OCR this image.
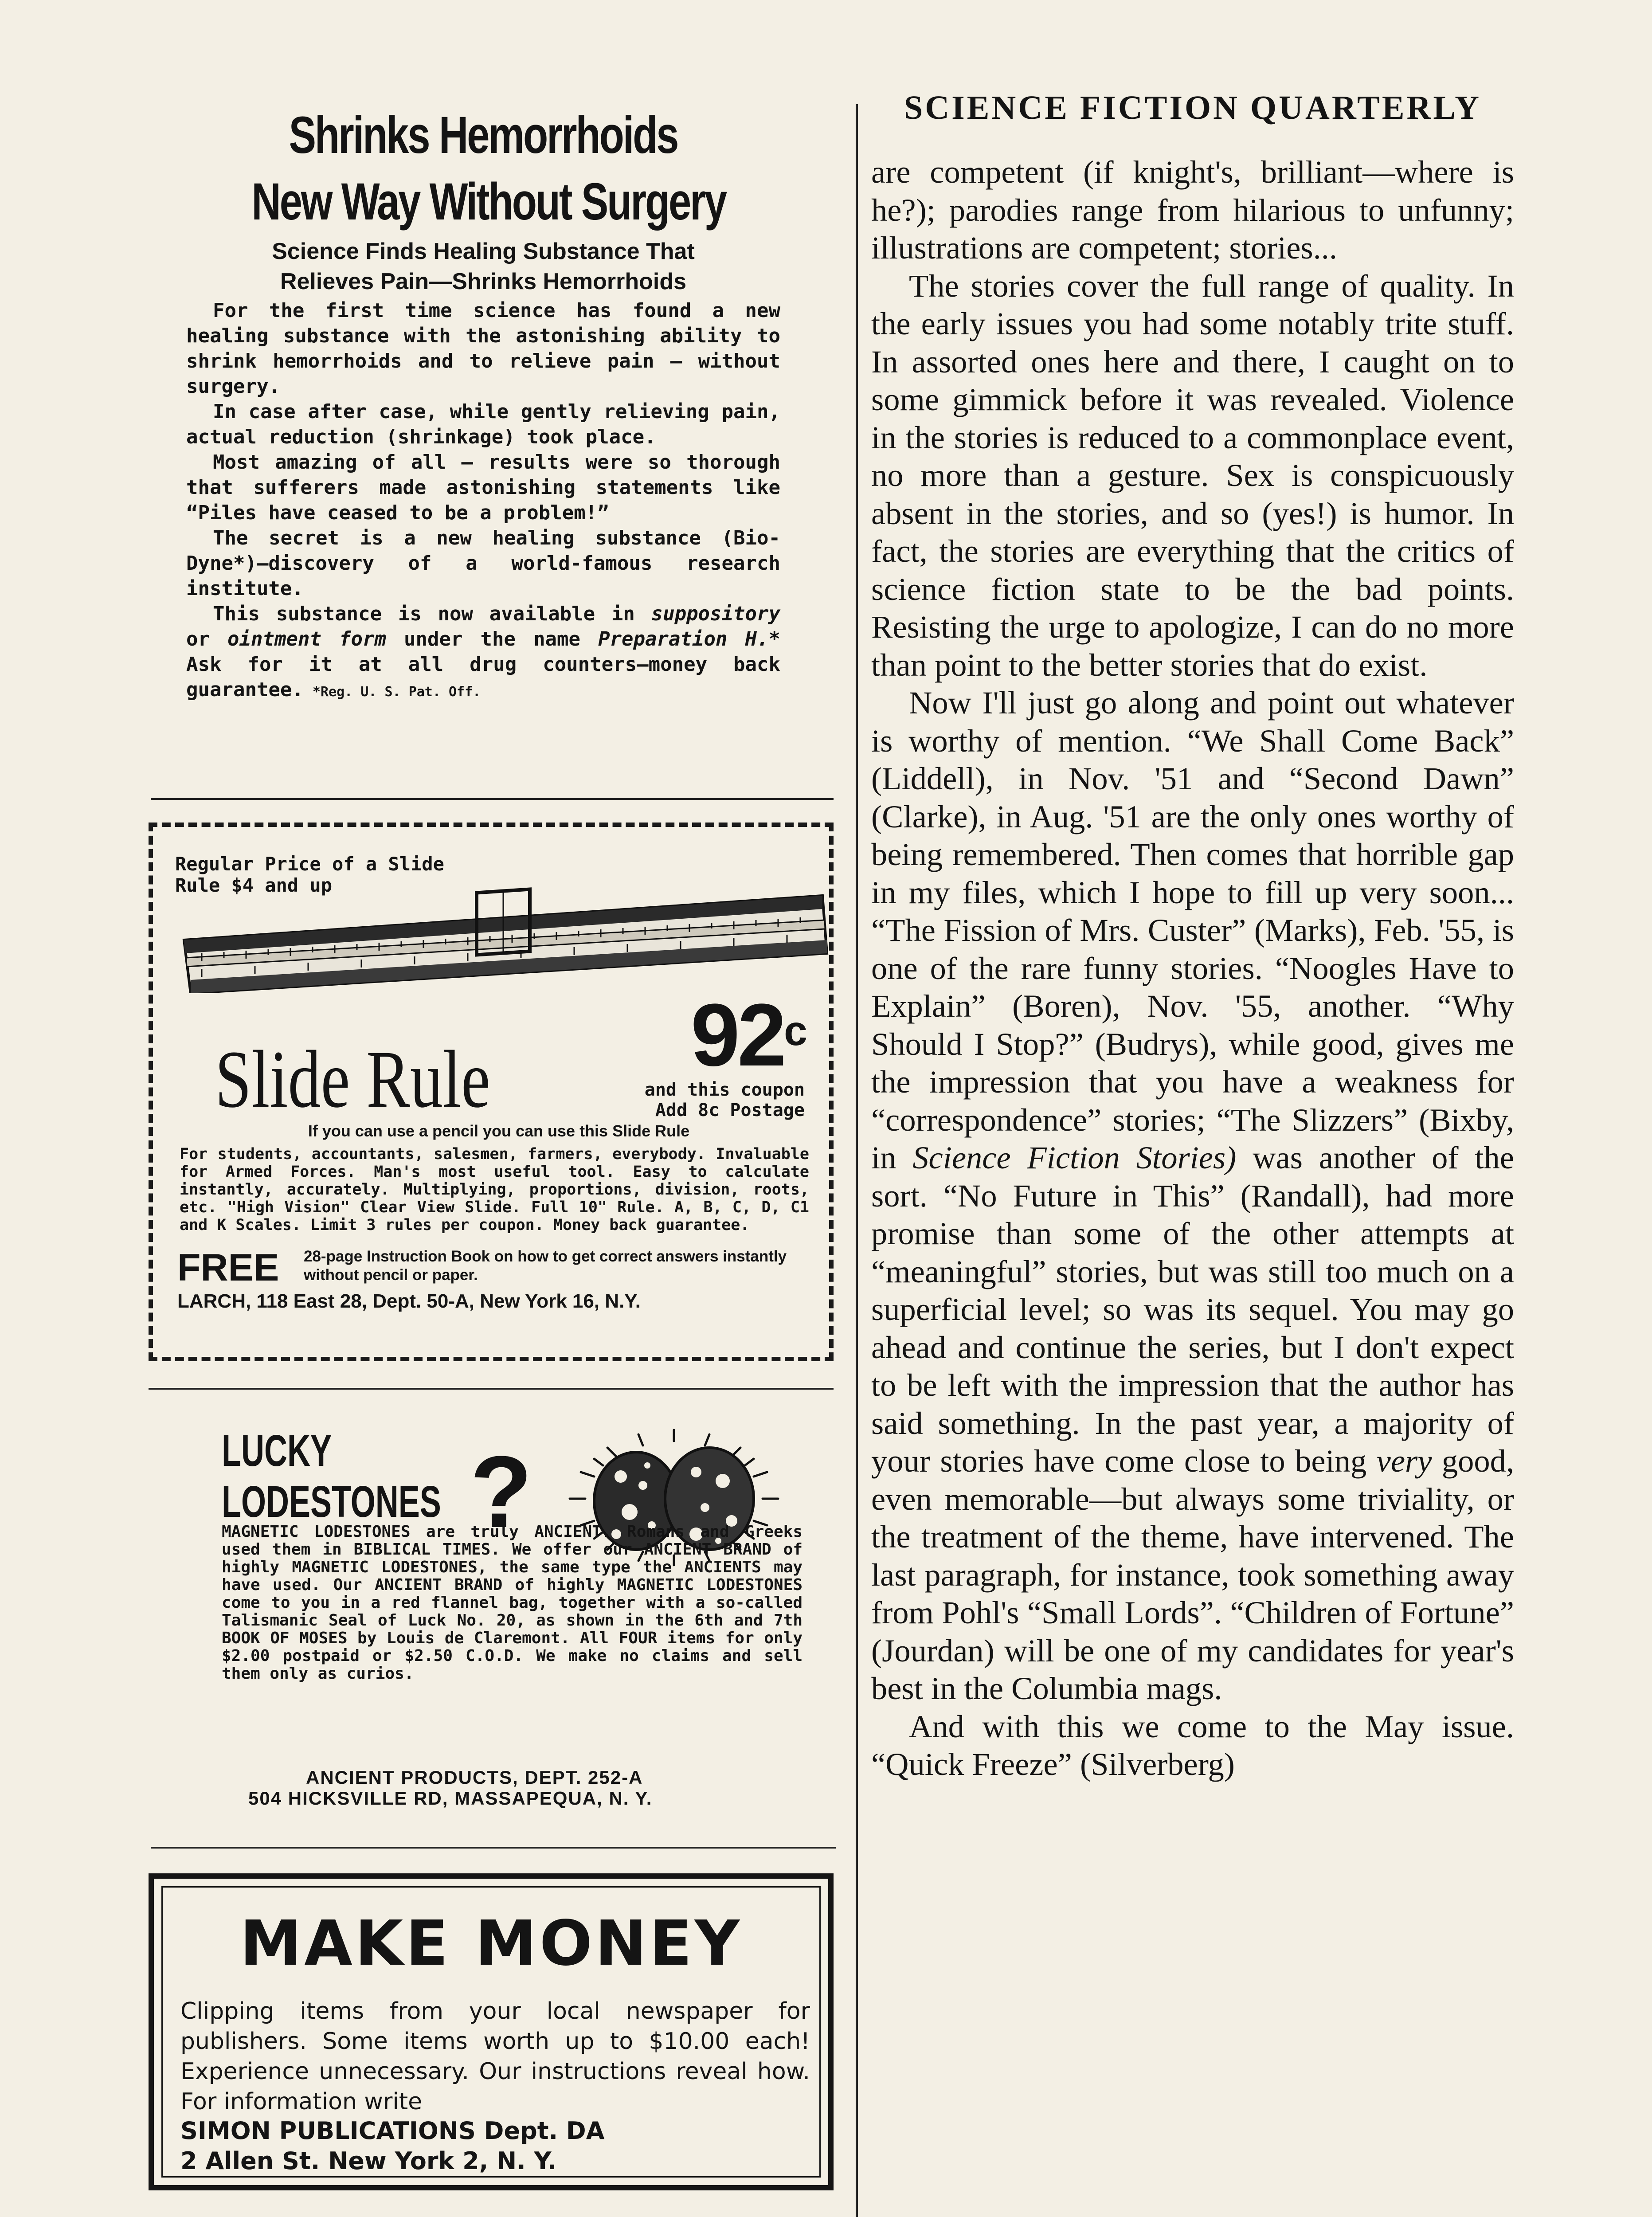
Shrinks Hemorrhoids
New Way Without Surgery
Science Finds Healing Substance That
Relieves Pain—Shrinks Hemorrhoids

For the first time science has found a new healing substance with the astonishing ability to shrink hemorrhoids and to relieve pain – without surgery.

In case after case, while gently relieving pain, actual reduction (shrinkage) took place.

Most amazing of all – results were so thorough that sufferers made astonishing statements like “Piles have ceased to be a problem!”

The secret is a new healing substance (Bio-Dyne*)–discovery of a world-famous research institute.

This substance is now available in suppository or ointment form under the name Preparation H.* Ask for it at all drug counters–money back guarantee. *Reg. U. S. Pat. Off.

Regular Price of a Slide Rule $4 and up
Slide Rule 92$^c$
and this coupon
Add 8c Postage
If you can use a pencil you can use this Slide Rule
For students, accountants, salesmen, farmers, everybody. Invaluable for Armed Forces. Man's most useful tool. Easy to calculate instantly, accurately. Multiplying, proportions, division, roots, etc. "High Vision" Clear View Slide. Full 10" Rule. A, B, C, D, C1 and K Scales. Limit 3 rules per coupon. Money back guarantee.
FREE 28-page Instruction Book on how to get correct answers instantly without pencil or paper.
LARCH, 118 East 28, Dept. 50-A, New York 16, N.Y.
LUCKY
LODESTONES ?
MAGNETIC LODESTONES are truly ANCIENT. Romans and Greeks used them in BIBLICAL TIMES. We offer our ANCIENT BRAND of highly MAGNETIC LODESTONES, the same type the ANCIENTS may have used. Our ANCIENT BRAND of highly MAGNETIC LODESTONES come to you in a red flannel bag, together with a so-called Talismanic Seal of Luck No. 20, as shown in the 6th and 7th BOOK OF MOSES by Louis de Claremont. All FOUR items for only $2.00 postpaid or $2.50 C.O.D. We make no claims and sell them only as curios.
ANCIENT PRODUCTS, DEPT. 252-A
504 HICKSVILLE RD, MASSAPEQUA, N. Y.
MAKE MONEY
Clipping items from your local newspaper for publishers. Some items worth up to $10.00 each! Experience unnecessary. Our instructions reveal how. For information write
SIMON PUBLICATIONS Dept. DA
2 Allen St. New York 2, N. Y.
SCIENCE FICTION QUARTERLY

are competent (if knight's, brilliant—where is he?); parodies range from hilarious to unfunny; illustrations are competent; stories...

The stories cover the full range of quality. In the early issues you had some notably trite stuff. In assorted ones here and there, I caught on to some gimmick before it was revealed. Violence in the stories is reduced to a commonplace event, no more than a gesture. Sex is conspicuously absent in the stories, and so (yes!) is humor. In fact, the stories are everything that the critics of science fiction state to be the bad points. Resisting the urge to apologize, I can do no more than point to the better stories that do exist.

Now I'll just go along and point out whatever is worthy of mention. “We Shall Come Back” (Liddell), in Nov. '51 and “Second Dawn” (Clarke), in Aug. '51 are the only ones worthy of being remembered. Then comes that horrible gap in my files, which I hope to fill up very soon... “The Fission of Mrs. Custer” (Marks), Feb. '55, is one of the rare funny stories. “Noogles Have to Explain” (Boren), Nov. '55, another. “Why Should I Stop?” (Budrys), while good, gives me the impression that you have a weakness for “correspondence” stories; “The Slizzers” (Bixby, in Science Fiction Stories) was another of the sort. “No Future in This” (Randall), had more promise than some of the other attempts at “meaningful” stories, but was still too much on a superficial level; so was its sequel. You may go ahead and continue the series, but I don't expect to be left with the impression that the author has said something. In the past year, a majority of your stories have come close to being very good, even memorable—but always some triviality, or the treatment of the theme, have intervened. The last paragraph, for instance, took something away from Pohl's “Small Lords”. “Children of Fortune” (Jourdan) will be one of my candidates for year's best in the Columbia mags.

And with this we come to the May issue. “Quick Freeze” (Silverberg)
